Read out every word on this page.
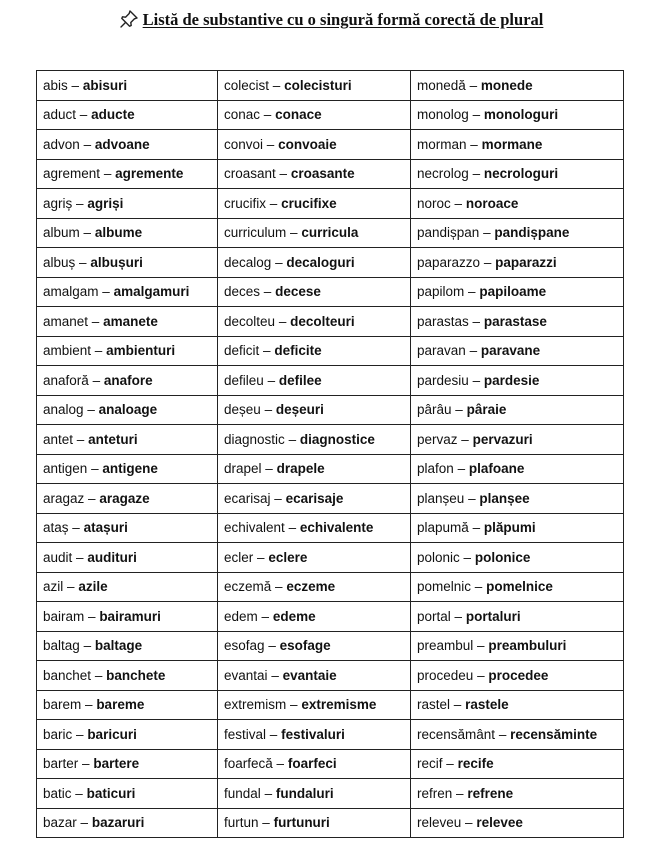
Listă de substantive cu o singură formă corectă de plural
abis – abisuri	colecist – colecisturi	monedă – monede
aduct – aducte	conac – conace	monolog – monologuri
advon – advoane	convoi – convoaie	morman – mormane
agrement – agremente	croasant – croasante	necrolog – necrologuri
agriș – agriși	crucifix – crucifixe	noroc – noroace
album – albume	curriculum – curricula	pandișpan – pandișpane
albuș – albușuri	decalog – decaloguri	paparazzo – paparazzi
amalgam – amalgamuri	deces – decese	papilom – papiloame
amanet – amanete	decolteu – decolteuri	parastas – parastase
ambient – ambienturi	deficit – deficite	paravan – paravane
anaforă – anafore	defileu – defilee	pardesiu – pardesie
analog – analoage	deșeu – deșeuri	pârâu – pâraie
antet – anteturi	diagnostic – diagnostice	pervaz – pervazuri
antigen – antigene	drapel – drapele	plafon – plafoane
aragaz – aragaze	ecarisaj – ecarisaje	planșeu – planșee
ataș – atașuri	echivalent – echivalente	plapumă – plăpumi
audit – audituri	ecler – eclere	polonic – polonice
azil – azile	eczemă – eczeme	pomelnic – pomelnice
bairam – bairamuri	edem – edeme	portal – portaluri
baltag – baltage	esofag – esofage	preambul – preambuluri
banchet – banchete	evantai – evantaie	procedeu – procedee
barem – bareme	extremism – extremisme	rastel – rastele
baric – baricuri	festival – festivaluri	recensământ – recensăminte
barter – bartere	foarfecă – foarfeci	recif – recife
batic – baticuri	fundal – fundaluri	refren – refrene
bazar – bazaruri	furtun – furtunuri	releveu – relevee
